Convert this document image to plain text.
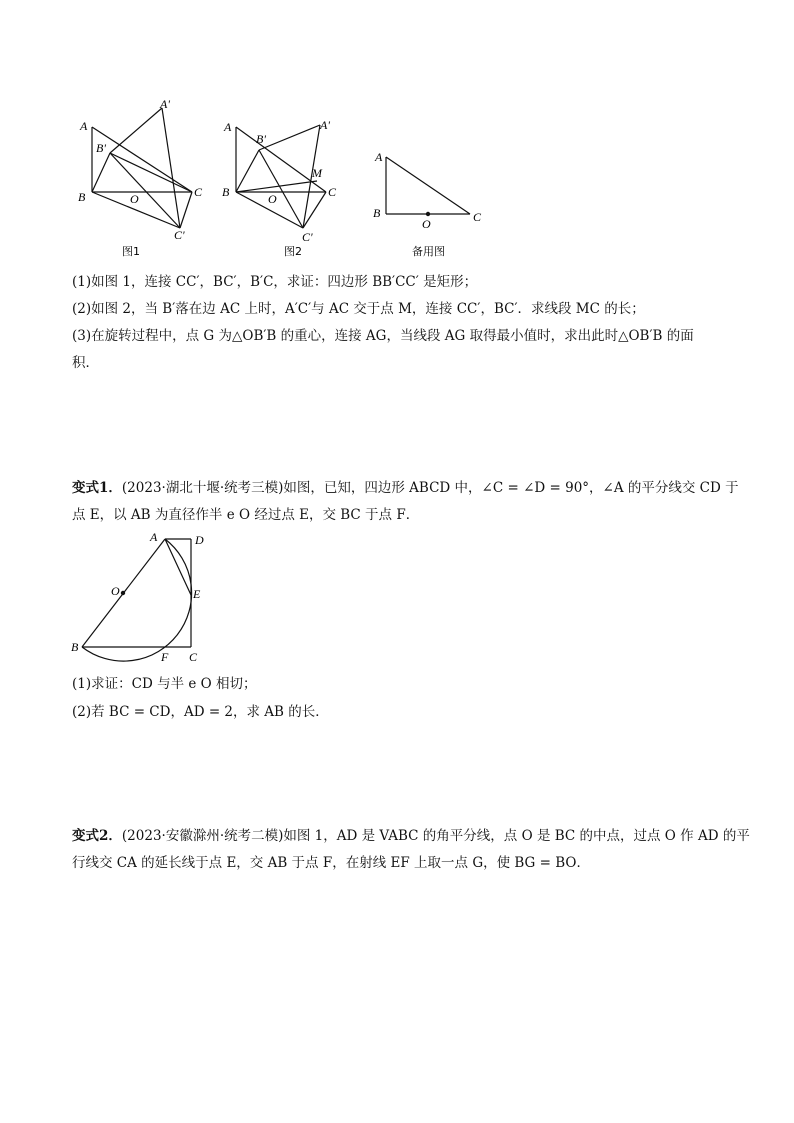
A
A'
B'
B	O	C
C'
图1
A	A'
B'
M
B	O	C
C'
图2
A
B
O	C
备用图
(1)如图 1，连接 CC′，BC′，B′C，求证：四边形 BB′CC′ 是矩形；
(2)如图 2，当 B′落在边 AC 上时，A′C′与 AC 交于点 M，连接 CC′，BC′．求线段 MC 的长；
(3)在旋转过程中，点 G 为△OB′B 的重心，连接 AG，当线段 AG 取得最小值时，求出此时△OB′B 的面
积．
变式1．(2023·湖北十堰·统考三模)如图，已知，四边形 ABCD 中，∠C = ∠D = 90°，∠A 的平分线交 CD 于
点 E，以 AB 为直径作半 e O 经过点 E，交 BC 于点 F．
A	D
O	E
B
F C
(1)求证：CD 与半 e O 相切；
(2)若 BC = CD，AD = 2，求 AB 的长．
变式2．(2023·安徽滁州·统考二模)如图 1，AD 是 VABC 的角平分线，点 O 是 BC 的中点，过点 O 作 AD 的平
行线交 CA 的延长线于点 E，交 AB 于点 F，在射线 EF 上取一点 G，使 BG = BO．
